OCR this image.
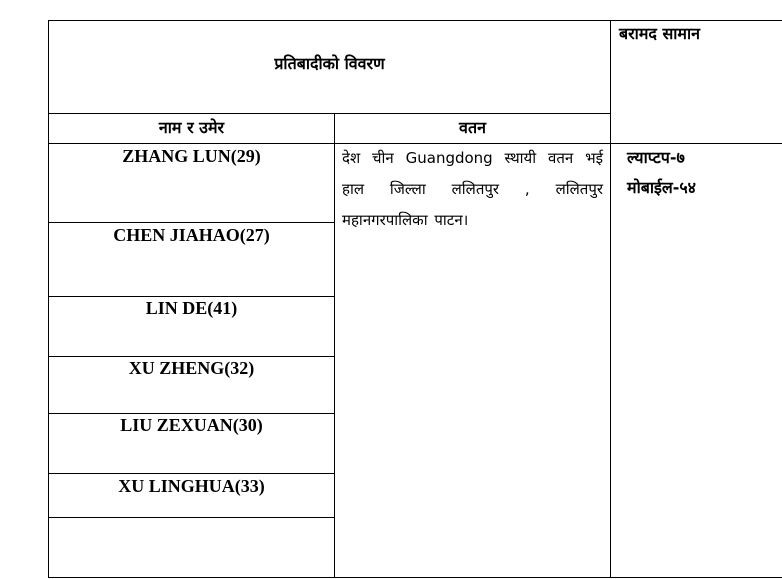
प्रतिबादीको विवरण
बरामद सामान
नाम र उमेर	वतन
ZHANG LUN(29)
CHEN JIAHAO(27)
LIN DE(41)
XU ZHENG(32)
LIU ZEXUAN(30)
XU LINGHUA(33)
देश चीन Guangdong स्थायी वतन भई हाल जिल्ला ललितपुर , ललितपुर महानगरपालिका पाटन।
ल्याप्टप-७
मोबाईल-५४
